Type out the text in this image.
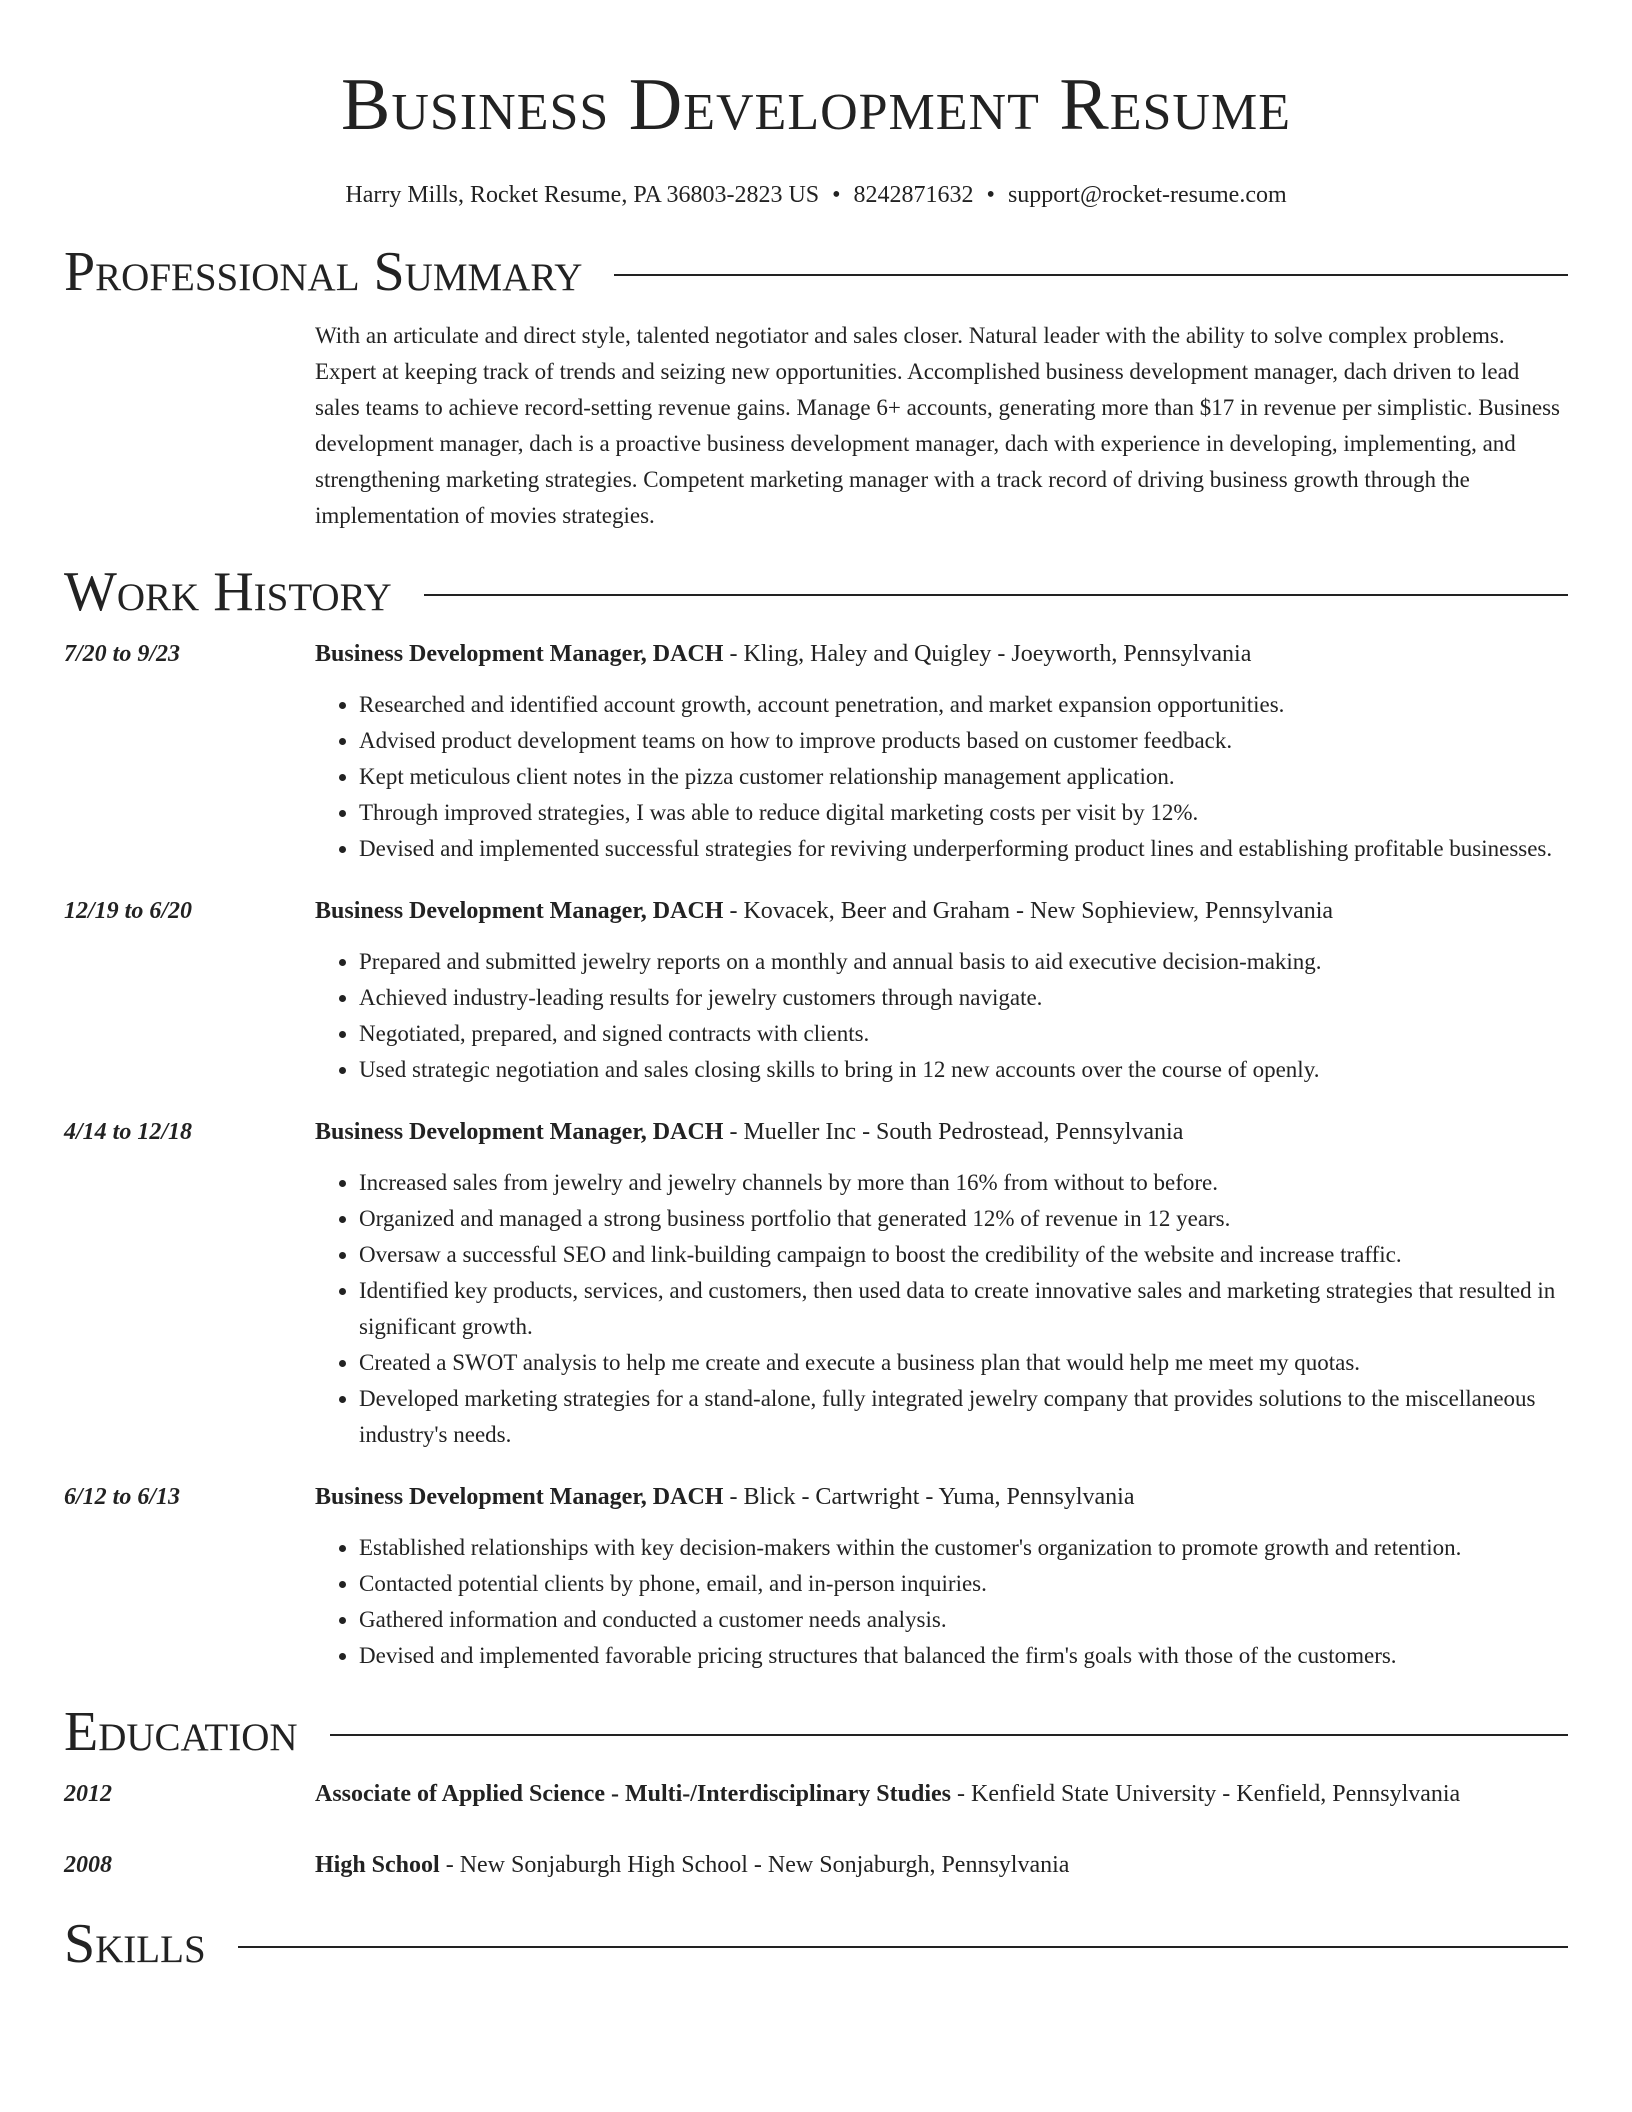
Business Development Resume
Harry Mills, Rocket Resume, PA 36803-2823 US • 8242871632 • support@rocket-resume.com
Professional Summary
With an articulate and direct style, talented negotiator and sales closer. Natural leader with the ability to solve complex problems. Expert at keeping track of trends and seizing new opportunities. Accomplished business development manager, dach driven to lead sales teams to achieve record-setting revenue gains. Manage 6+ accounts, generating more than $17 in revenue per simplistic. Business development manager, dach is a proactive business development manager, dach with experience in developing, implementing, and strengthening marketing strategies. Competent marketing manager with a track record of driving business growth through the implementation of movies strategies.
Work History
7/20 to 9/23	Business Development Manager, DACH - Kling, Haley and Quigley - Joeyworth, Pennsylvania
• Researched and identified account growth, account penetration, and market expansion opportunities.
• Advised product development teams on how to improve products based on customer feedback.
• Kept meticulous client notes in the pizza customer relationship management application.
• Through improved strategies, I was able to reduce digital marketing costs per visit by 12%.
• Devised and implemented successful strategies for reviving underperforming product lines and establishing profitable businesses.
12/19 to 6/20	Business Development Manager, DACH - Kovacek, Beer and Graham - New Sophieview, Pennsylvania
• Prepared and submitted jewelry reports on a monthly and annual basis to aid executive decision-making.
• Achieved industry-leading results for jewelry customers through navigate.
• Negotiated, prepared, and signed contracts with clients.
• Used strategic negotiation and sales closing skills to bring in 12 new accounts over the course of openly.
4/14 to 12/18	Business Development Manager, DACH - Mueller Inc - South Pedrostead, Pennsylvania
• Increased sales from jewelry and jewelry channels by more than 16% from without to before.
• Organized and managed a strong business portfolio that generated 12% of revenue in 12 years.
• Oversaw a successful SEO and link-building campaign to boost the credibility of the website and increase traffic.
• Identified key products, services, and customers, then used data to create innovative sales and marketing strategies that resulted in significant growth.
• Created a SWOT analysis to help me create and execute a business plan that would help me meet my quotas.
• Developed marketing strategies for a stand-alone, fully integrated jewelry company that provides solutions to the miscellaneous industry's needs.
6/12 to 6/13	Business Development Manager, DACH - Blick - Cartwright - Yuma, Pennsylvania
• Established relationships with key decision-makers within the customer's organization to promote growth and retention.
• Contacted potential clients by phone, email, and in-person inquiries.
• Gathered information and conducted a customer needs analysis.
• Devised and implemented favorable pricing structures that balanced the firm's goals with those of the customers.
Education
2012	Associate of Applied Science - Multi-/Interdisciplinary Studies - Kenfield State University - Kenfield, Pennsylvania
2008	High School - New Sonjaburgh High School - New Sonjaburgh, Pennsylvania
Skills
